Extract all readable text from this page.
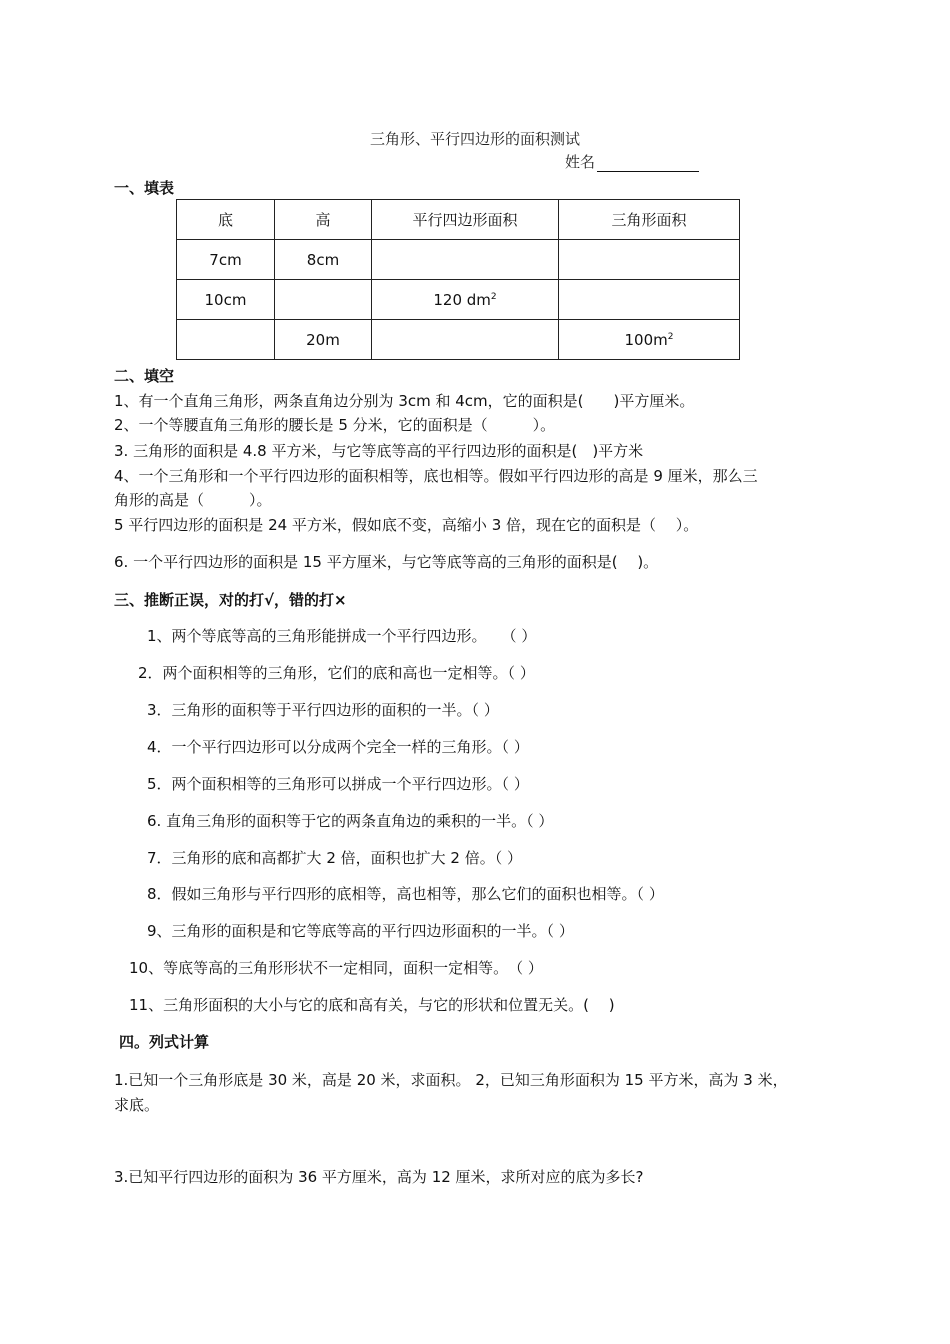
三角形、平行四边形的面积测试
姓名
一、填表
底	高	平行四边形面积	三角形面积
7cm	8cm		
10cm		120 $dm^2$	
	20m		$100m^2$
二、填空
1、有一个直角三角形，两条直角边分别为 3cm 和 4cm，它的面积是(　　)平方厘米。
2、一个等腰直角三角形的腰长是 5 分米，它的面积是（　　　）。
3. 三角形的面积是 4.8 平方米，与它等底等高的平行四边形的面积是(　)平方米
4、一个三角形和一个平行四边形的面积相等，底也相等。假如平行四边形的高是 9 厘米，那么三
角形的高是（　　　）。
5 平行四边形的面积是 24 平方米，假如底不变，高缩小 3 倍，现在它的面积是（　 ）。
6. 一个平行四边形的面积是 15 平方厘米，与它等底等高的三角形的面积是(　 )。
三、推断正误，对的打√，错的打×
1、两个等底等高的三角形能拼成一个平行四边形。　　（ ）
2．两个面积相等的三角形，它们的底和高也一定相等。（ ）
3．三角形的面积等于平行四边形的面积的一半。（ ）
4．一个平行四边形可以分成两个完全一样的三角形。（ ）
5．两个面积相等的三角形可以拼成一个平行四边形。（ ）
6. 直角三角形的面积等于它的两条直角边的乘积的一半。（ ）
7．三角形的底和高都扩大 2 倍，面积也扩大 2 倍。（ ）
8．假如三角形与平行四形的底相等，高也相等，那么它们的面积也相等。（ ）
9、三角形的面积是和它等底等高的平行四边形面积的一半。（ ）
10、等底等高的三角形形状不一定相同，面积一定相等。　（ ）
11、三角形面积的大小与它的底和高有关，与它的形状和位置无关。(　 )
四。列式计算
1.已知一个三角形底是 30 米，高是 20 米，求面积。 2，已知三角形面积为 15 平方米，高为 3 米，
求底。
3.已知平行四边形的面积为 36 平方厘米，高为 12 厘米，求所对应的底为多长?
